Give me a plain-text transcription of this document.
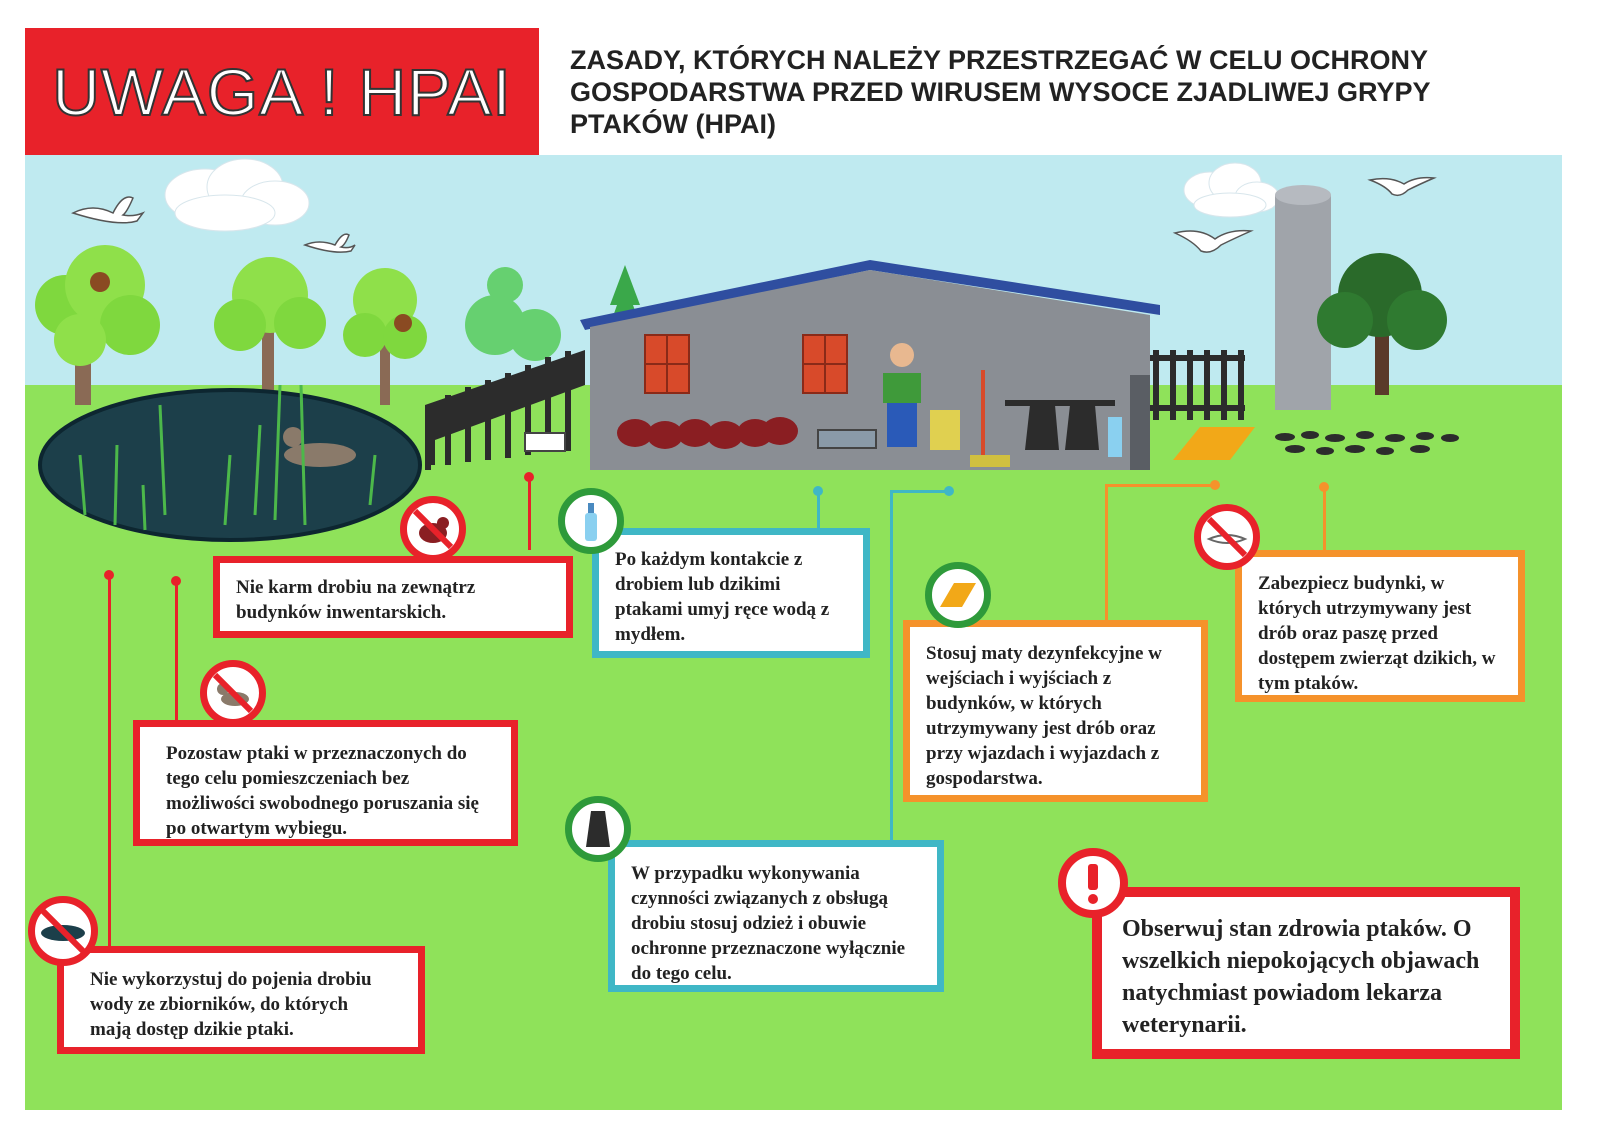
UWAGA ! HPAI	ZASADY, KTÓRYCH NALEŻY PRZESTRZEGAĆ W CELU OCHRONY
GOSPODARSTWA PRZED WIRUSEM WYSOCE ZJADLIWEJ GRYPY
PTAKÓW (HPAI)
Nie karm drobiu na zewnątrz budynków inwentarskich.
Po każdym kontakcie z drobiem lub dzikimi ptakami umyj ręce wodą z mydłem.
Stosuj maty dezynfekcyjne w wejściach i wyjściach z budynków, w których utrzymywany jest drób oraz przy wjazdach i wyjazdach z gospodarstwa.
Zabezpiecz budynki, w których utrzymywany jest drób oraz paszę przed dostępem zwierząt dzikich, w tym ptaków.
Pozostaw ptaki w przeznaczonych do tego celu pomieszczeniach bez możliwości swobodnego poruszania się po otwartym wybiegu.
W przypadku wykonywania czynności związanych z obsługą drobiu stosuj odzież i obuwie ochronne przeznaczone wyłącznie do tego celu.
Nie wykorzystuj do pojenia drobiu wody ze zbiorników, do których mają dostęp dzikie ptaki.
Obserwuj stan zdrowia ptaków. O wszelkich niepokojących objawach natychmiast powiadom lekarza weterynarii.
